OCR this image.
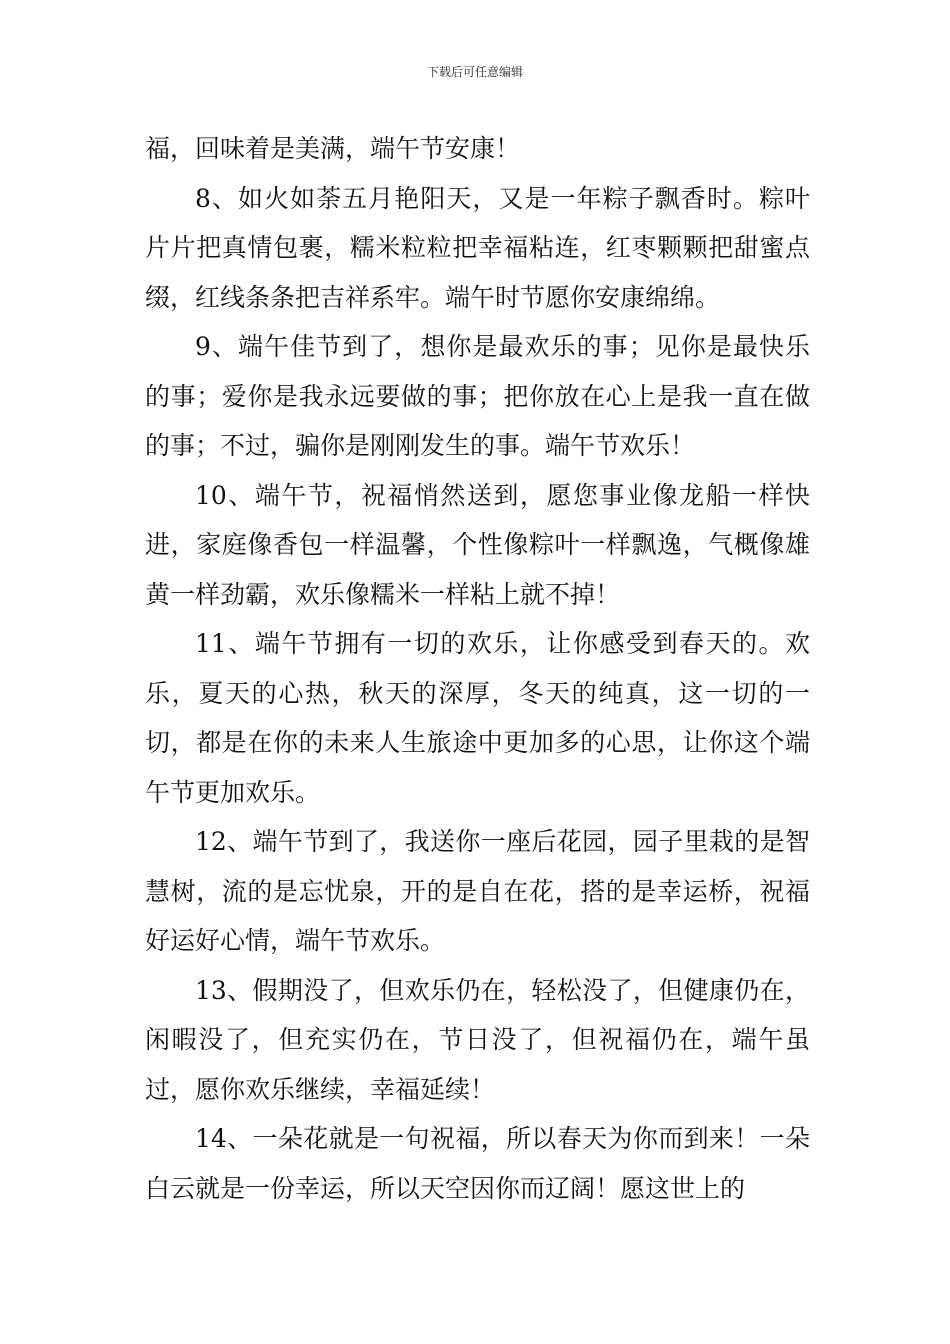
下载后可任意编辑

福，回味着是美满，端午节安康！

8、如火如荼五月艳阳天，又是一年粽子飘香时。粽叶片片把真情包裹，糯米粒粒把幸福粘连，红枣颗颗把甜蜜点缀，红线条条把吉祥系牢。端午时节愿你安康绵绵。

9、端午佳节到了，想你是最欢乐的事；见你是最快乐的事；爱你是我永远要做的事；把你放在心上是我一直在做的事；不过，骗你是刚刚发生的事。端午节欢乐！

10、端午节，祝福悄然送到，愿您事业像龙船一样快进，家庭像香包一样温馨，个性像粽叶一样飘逸，气概像雄黄一样劲霸，欢乐像糯米一样粘上就不掉！

11、端午节拥有一切的欢乐，让你感受到春天的。欢乐，夏天的心热，秋天的深厚，冬天的纯真，这一切的一切，都是在你的未来人生旅途中更加多的心思，让你这个端午节更加欢乐。

12、端午节到了，我送你一座后花园，园子里栽的是智慧树，流的是忘忧泉，开的是自在花，搭的是幸运桥，祝福好运好心情，端午节欢乐。

13、假期没了，但欢乐仍在，轻松没了，但健康仍在，闲暇没了，但充实仍在，节日没了，但祝福仍在，端午虽过，愿你欢乐继续，幸福延续！

14、一朵花就是一句祝福，所以春天为你而到来！一朵白云就是一份幸运，所以天空因你而辽阔！愿这世上的
